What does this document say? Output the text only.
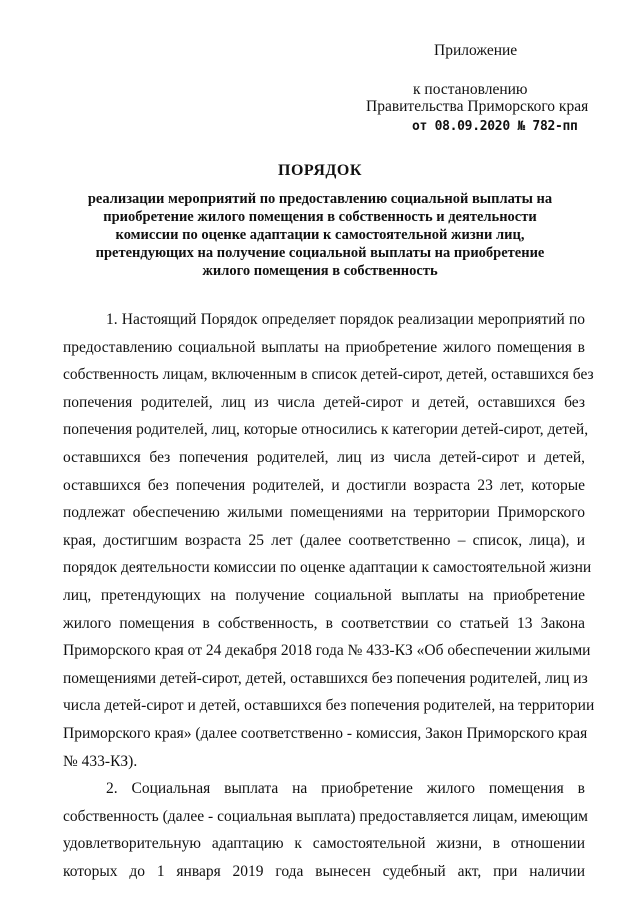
Приложение
к постановлению
Правительства Приморского края
от 08.09.2020 № 782-пп
ПОРЯДОК
реализации мероприятий по предоставлению социальной выплаты на
приобретение жилого помещения в собственность и деятельности
комиссии по оценке адаптации к самостоятельной жизни лиц,
претендующих на получение социальной выплаты на приобретение
жилого помещения в собственность
1. Настоящий Порядок определяет порядок реализации мероприятий по
предоставлению социальной выплаты на приобретение жилого помещения в
собственность лицам, включенным в список детей-сирот, детей, оставшихся без
попечения родителей, лиц из числа детей-сирот и детей, оставшихся без
попечения родителей, лиц, которые относились к категории детей-сирот, детей,
оставшихся без попечения родителей, лиц из числа детей-сирот и детей,
оставшихся без попечения родителей, и достигли возраста 23 лет, которые
подлежат обеспечению жилыми помещениями на территории Приморского
края, достигшим возраста 25 лет (далее соответственно – список, лица), и
порядок деятельности комиссии по оценке адаптации к самостоятельной жизни
лиц, претендующих на получение социальной выплаты на приобретение
жилого помещения в собственность, в соответствии со статьей 13 Закона
Приморского края от 24 декабря 2018 года № 433-КЗ «Об обеспечении жилыми
помещениями детей-сирот, детей, оставшихся без попечения родителей, лиц из
числа детей-сирот и детей, оставшихся без попечения родителей, на территории
Приморского края» (далее соответственно - комиссия, Закон Приморского края
№ 433-КЗ).
2. Социальная выплата на приобретение жилого помещения в
собственность (далее - социальная выплата) предоставляется лицам, имеющим
удовлетворительную адаптацию к самостоятельной жизни, в отношении
которых до 1 января 2019 года вынесен судебный акт, при наличии
